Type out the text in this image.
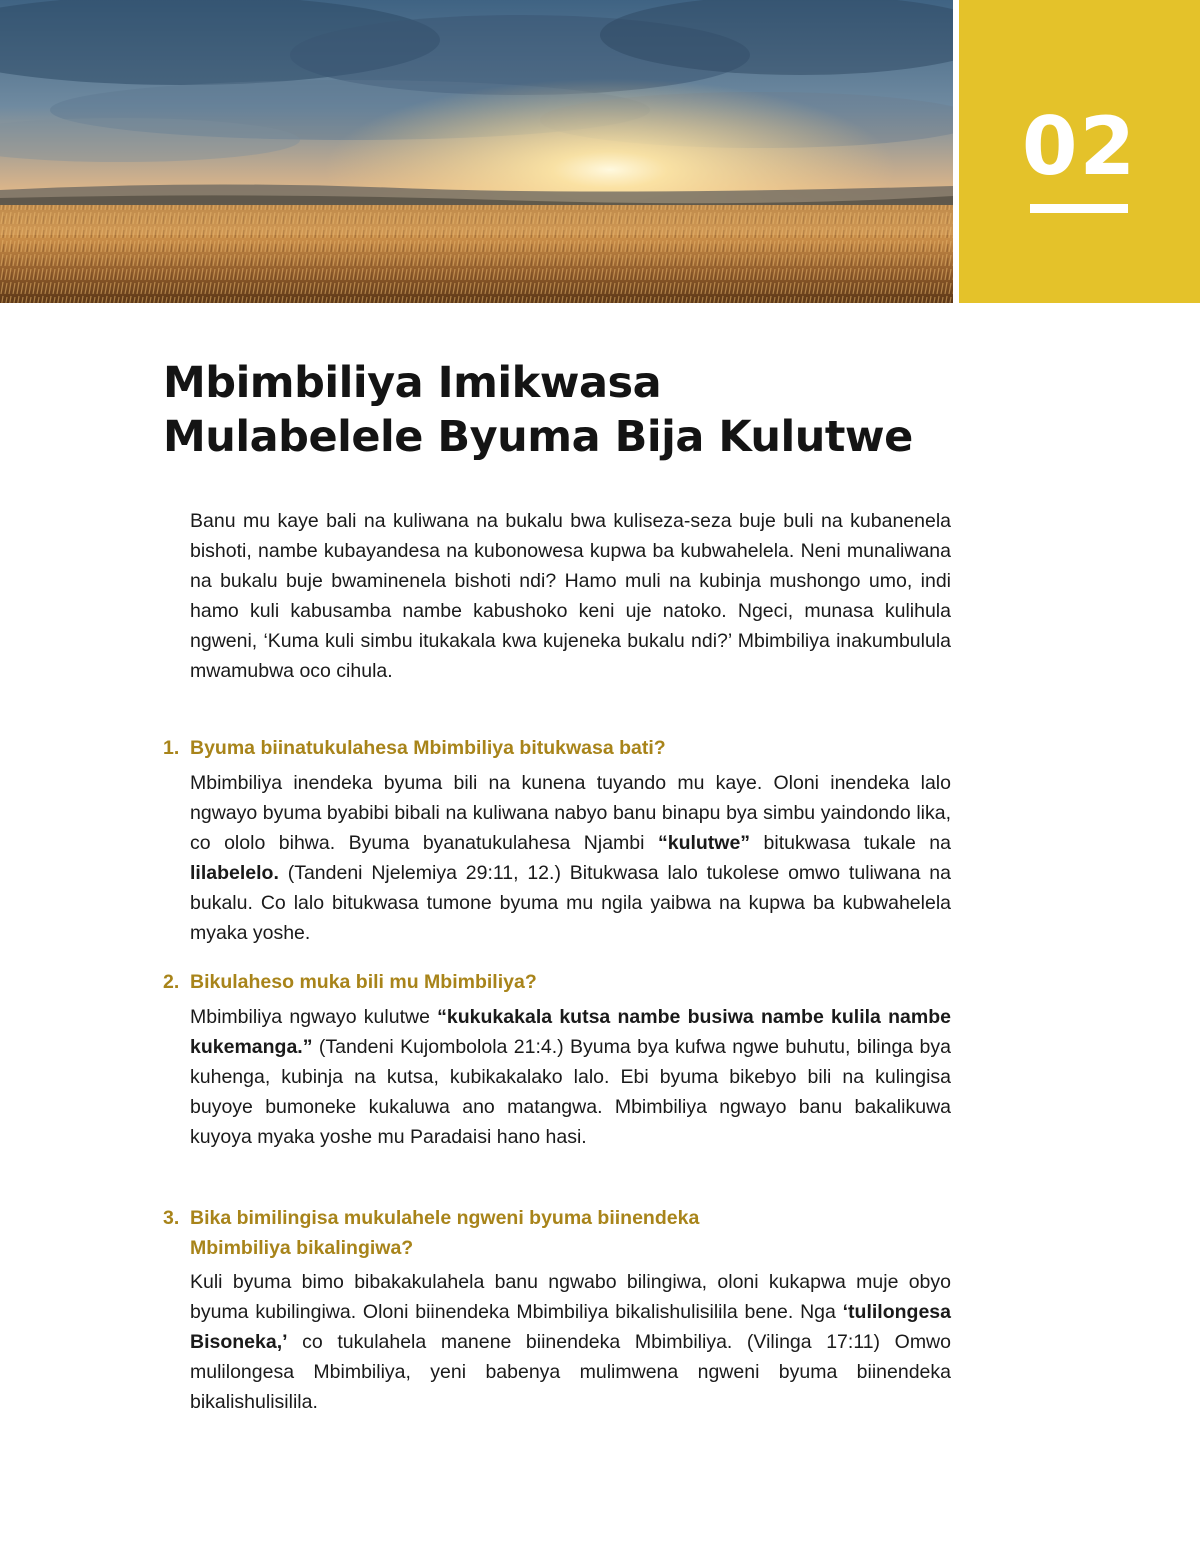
02
Mbimbiliya Imikwasa
Mulabelele Byuma Bija Kulutwe

Banu mu kaye bali na kuliwana na bukalu bwa kuliseza-seza buje buli na kubanenela bishoti, nambe kubayandesa na kubonowesa kupwa ba kubwahelela. Neni munaliwana na bukalu buje bwaminenela bishoti ndi? Hamo muli na kubinja mushongo umo, indi hamo kuli kabusamba nambe kabushoko keni uje natoko. Ngeci, munasa kulihula ngweni, ‘Kuma kuli simbu itukakala kwa kujeneka bukalu ndi?’ Mbimbiliya inakumbulula mwamubwa oco cihula.

1. Byuma biinatukulahesa Mbimbiliya bitukwasa bati?

Mbimbiliya inendeka byuma bili na kunena tuyando mu kaye. Oloni inendeka lalo ngwayo byuma byabibi bibali na kuliwana nabyo banu binapu bya simbu yaindondo lika, co ololo bihwa. Byuma byanatukulahesa Njambi “kulutwe” bitukwasa tukale na lilabelelo. (Tandeni Njelemiya 29:11, 12.) Bitukwasa lalo tukolese omwo tuliwana na bukalu. Co lalo bitukwasa tumone byuma mu ngila yaibwa na kupwa ba kubwahelela myaka yoshe.

2. Bikulaheso muka bili mu Mbimbiliya?

Mbimbiliya ngwayo kulutwe “kukukakala kutsa nambe busiwa nambe kulila nambe kukemanga.” (Tandeni Kujombolola 21:4.) Byuma bya kufwa ngwe buhutu, bilinga bya kuhenga, kubinja na kutsa, kubikakalako lalo. Ebi byuma bikebyo bili na kulingisa buyoye bumoneke kukaluwa ano matangwa. Mbimbiliya ngwayo banu bakalikuwa kuyoya myaka yoshe mu Paradaisi hano hasi.

3. Bika bimilingisa mukulahele ngweni byuma biinendeka
Mbimbiliya bikalingiwa?

Kuli byuma bimo bibakakulahela banu ngwabo bilingiwa, oloni kukapwa muje obyo byuma kubilingiwa. Oloni biinendeka Mbimbiliya bikalishulisilila bene. Nga ‘tulilongesa Bisoneka,’ co tukulahela manene biinendeka Mbimbiliya. (Vilinga 17:11) Omwo mulilongesa Mbimbiliya, yeni babenya mulimwena ngweni byuma biinendeka bikalishulisilila.
